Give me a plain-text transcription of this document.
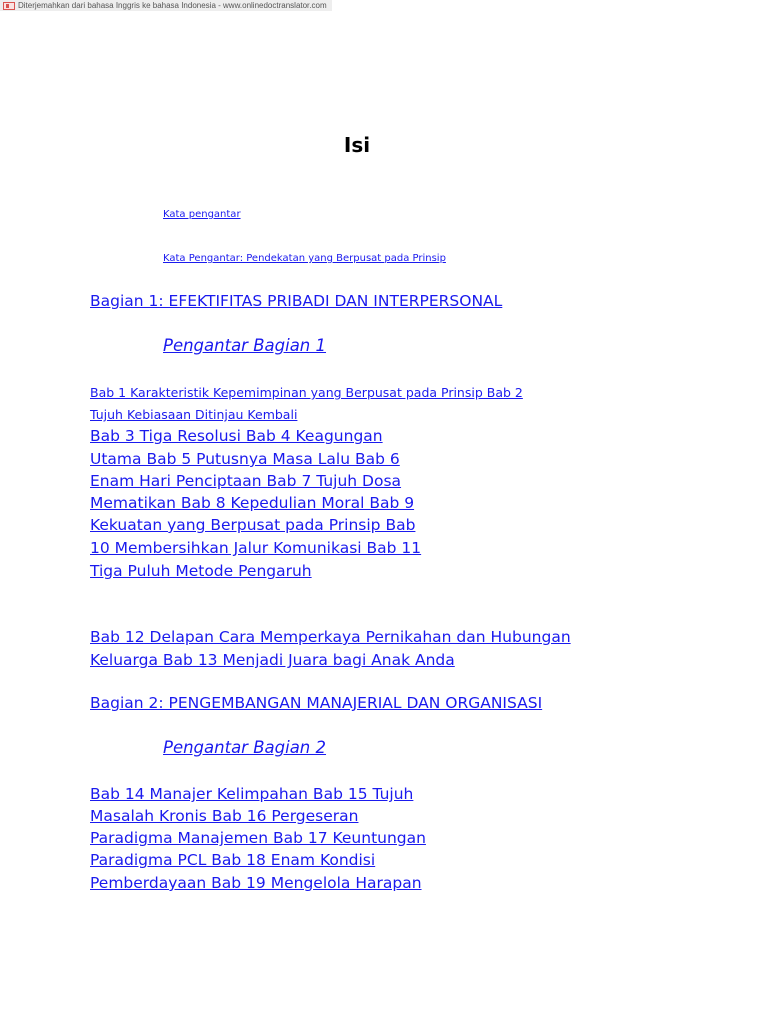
Diterjemahkan dari bahasa Inggris ke bahasa Indonesia - www.onlinedoctranslator.com
Isi
Kata pengantar
Kata Pengantar: Pendekatan yang Berpusat pada Prinsip
Bagian 1: EFEKTIFITAS PRIBADI DAN INTERPERSONAL
Pengantar Bagian 1
Bab 1 Karakteristik Kepemimpinan yang Berpusat pada Prinsip Bab 2
Tujuh Kebiasaan Ditinjau Kembali
Bab 3 Tiga Resolusi Bab 4 Keagungan
Utama Bab 5 Putusnya Masa Lalu Bab 6
Enam Hari Penciptaan Bab 7 Tujuh Dosa
Mematikan Bab 8 Kepedulian Moral Bab 9
Kekuatan yang Berpusat pada Prinsip Bab
10 Membersihkan Jalur Komunikasi Bab 11
Tiga Puluh Metode Pengaruh
Bab 12 Delapan Cara Memperkaya Pernikahan dan Hubungan
Keluarga Bab 13 Menjadi Juara bagi Anak Anda
Bagian 2: PENGEMBANGAN MANAJERIAL DAN ORGANISASI
Pengantar Bagian 2
Bab 14 Manajer Kelimpahan Bab 15 Tujuh
Masalah Kronis Bab 16 Pergeseran
Paradigma Manajemen Bab 17 Keuntungan
Paradigma PCL Bab 18 Enam Kondisi
Pemberdayaan Bab 19 Mengelola Harapan
